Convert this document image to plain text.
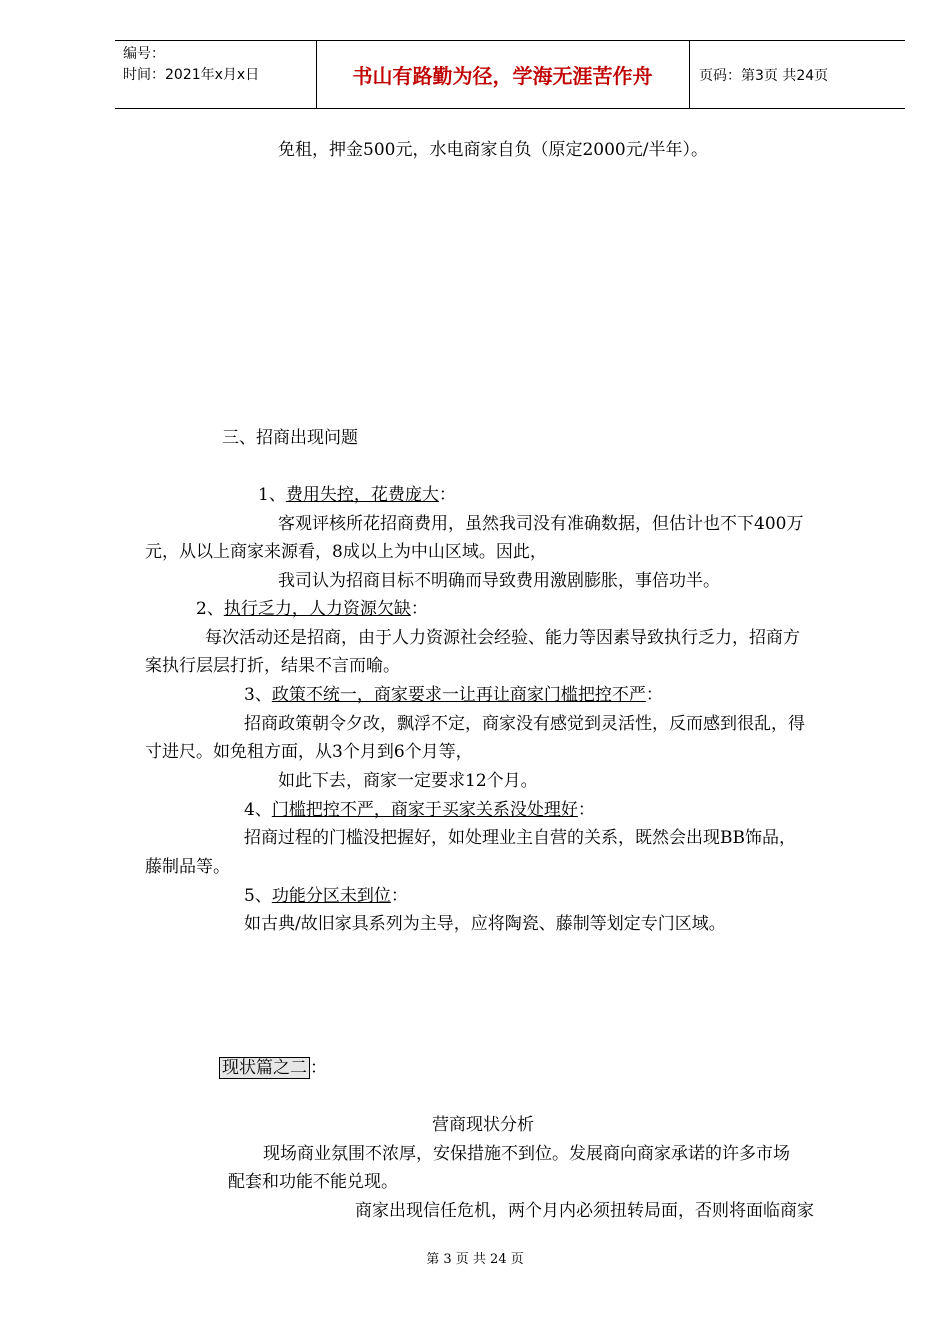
编号：
时间：2021年x月x日	书山有路勤为径，学海无涯苦作舟	页码：第3页 共24页
免租，押金500元，水电商家自负（原定2000元/半年）。
三、招商出现问题
1、费用失控，花费庞大：
客观评核所花招商费用，虽然我司没有准确数据，但估计也不下400万
元，从以上商家来源看，8成以上为中山区域。因此，
我司认为招商目标不明确而导致费用激剧膨胀，事倍功半。
2、执行乏力，人力资源欠缺：
每次活动还是招商，由于人力资源社会经验、能力等因素导致执行乏力，招商方
案执行层层打折，结果不言而喻。
3、政策不统一，商家要求一让再让商家门槛把控不严：
招商政策朝令夕改，飘浮不定，商家没有感觉到灵活性，反而感到很乱，得
寸进尺。如免租方面，从3个月到6个月等，
如此下去，商家一定要求12个月。
4、门槛把控不严，商家于买家关系没处理好：
招商过程的门槛没把握好，如处理业主自营的关系，既然会出现BB饰品，
藤制品等。
5、功能分区未到位：
如古典/故旧家具系列为主导，应将陶瓷、藤制等划定专门区域。
现状篇之二 ：
营商现状分析
现场商业氛围不浓厚，安保措施不到位。发展商向商家承诺的许多市场
配套和功能不能兑现。
商家出现信任危机，两个月内必须扭转局面，否则将面临商家
第 3 页 共 24 页
